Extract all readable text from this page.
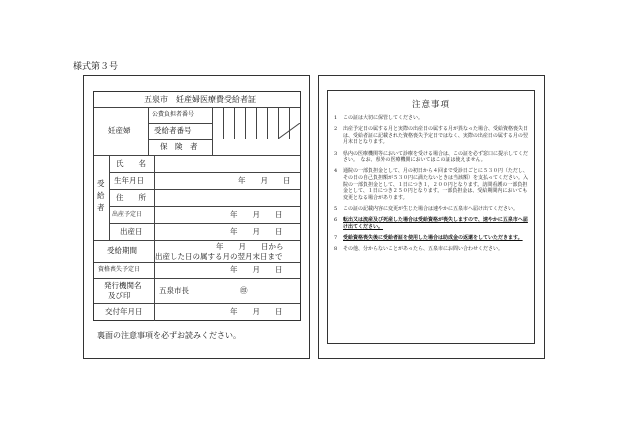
様式第３号
五泉市　妊産婦医療費受給者証
公費負担者番号
妊産婦	受給者番号
保　険　者
受給者
氏　　名
生年月日	年　　月　　日
住　　所
出産予定日	年　　月　　日
出産日	年　　月　　日
受給期間	年　　月　　日から
出産した日の属する月の翌月末日まで
資格喪失予定日	年　　月　　日
発行機関名
及び印
五泉市長	㊞
交付年月日	年　　月　　日
裏面の注意事項を必ずお読みください。
注意事項
1	この証は大切に保管してください。
2	出産予定日の属する月と実際の出産日の属する月が異なった場合、受給資格喪失日は、受給者証に記載された資格喪失予定日ではなく、実際の出産日の属する月の翌月末日となります。
3	県内の医療機関等において診療を受ける場合は、この証を必ず窓口に提示してください。　なお、県外の医療機関においてはこの証は使えません。
4	通院の一部負担金として、月の初日から４回まで受診日ごとに５３０円（ただし、その日の自己負担額が５３０円に満たないときは当該額）を支払ってください。入院の一部負担金として、１日につき１，２００円となります。訪問看護の一部負担金として、１日につき２５０円となります。一部負担金は、受給期間内においても変更となる場合があります。
5	この証の記載内容に変更が生じた場合は速やかに五泉市へ届け出てください。
6	転出又は流産及び死産した場合は受給資格が喪失しますので、速やかに五泉市へ届け出てください。
7	受給資格喪失後に受給者証を使用した場合は助成金の返還をしていただきます。
8	その他、分からないことがあったら、五泉市にお問い合わせください。
